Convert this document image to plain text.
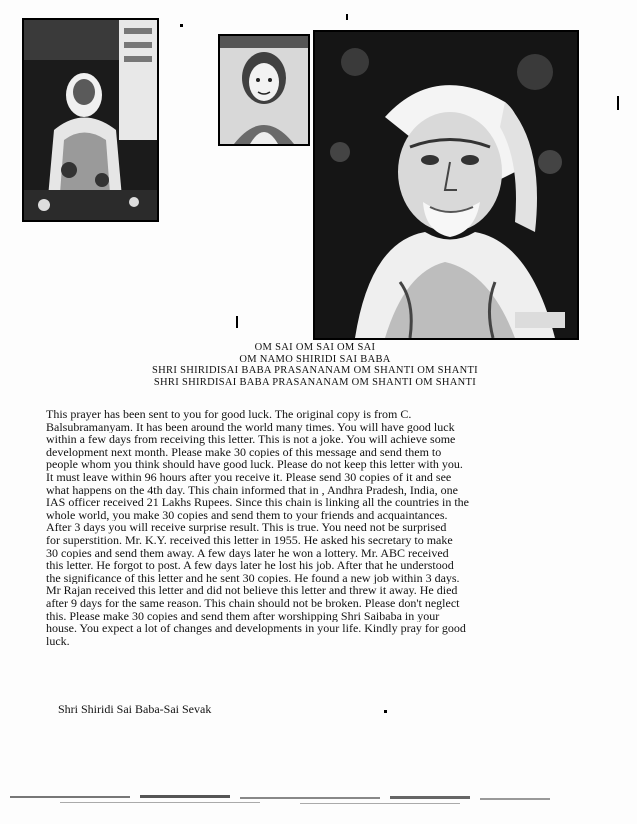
OM SAI OM SAI OM SAI
OM NAMO SHIRIDI SAI BABA
SHRI SHIRIDISAI BABA PRASANANAM OM SHANTI OM SHANTI
SHRI SHIRDISAI BABA PRASANANAM OM SHANTI OM SHANTI
This prayer has been sent to you for good luck. The original copy is from C.
Balsubramanyam. It has been around the world many times. You will have good luck
within a few days from receiving this letter. This is not a joke. You will achieve some
development next month. Please make 30 copies of this message and send them to
people whom you think should have good luck. Please do not keep this letter with you.
It must leave within 96 hours after you receive it. Please send 30 copies of it and see
what happens on the 4th day. This chain informed that in , Andhra Pradesh, India, one
IAS officer received 21 Lakhs Rupees. Since this chain is linking all the countries in the
whole world, you make 30 copies and send them to your friends and acquaintances.
After 3 days you will receive surprise result. This is true. You need not be surprised
for superstition. Mr. K.Y. received this letter in 1955. He asked his secretary to make
30 copies and send them away. A few days later he won a lottery. Mr. ABC received
this letter. He forgot to post. A few days later he lost his job. After that he understood
the significance of this letter and he sent 30 copies. He found a new job within 3 days.
Mr Rajan received this letter and did not believe this letter and threw it away. He died
after 9 days for the same reason. This chain should not be broken. Please don't neglect
this. Please make 30 copies and send them after worshipping Shri Saibaba in your
house. You expect a lot of changes and developments in your life. Kindly pray for good
luck.
Shri Shiridi Sai Baba-Sai Sevak
